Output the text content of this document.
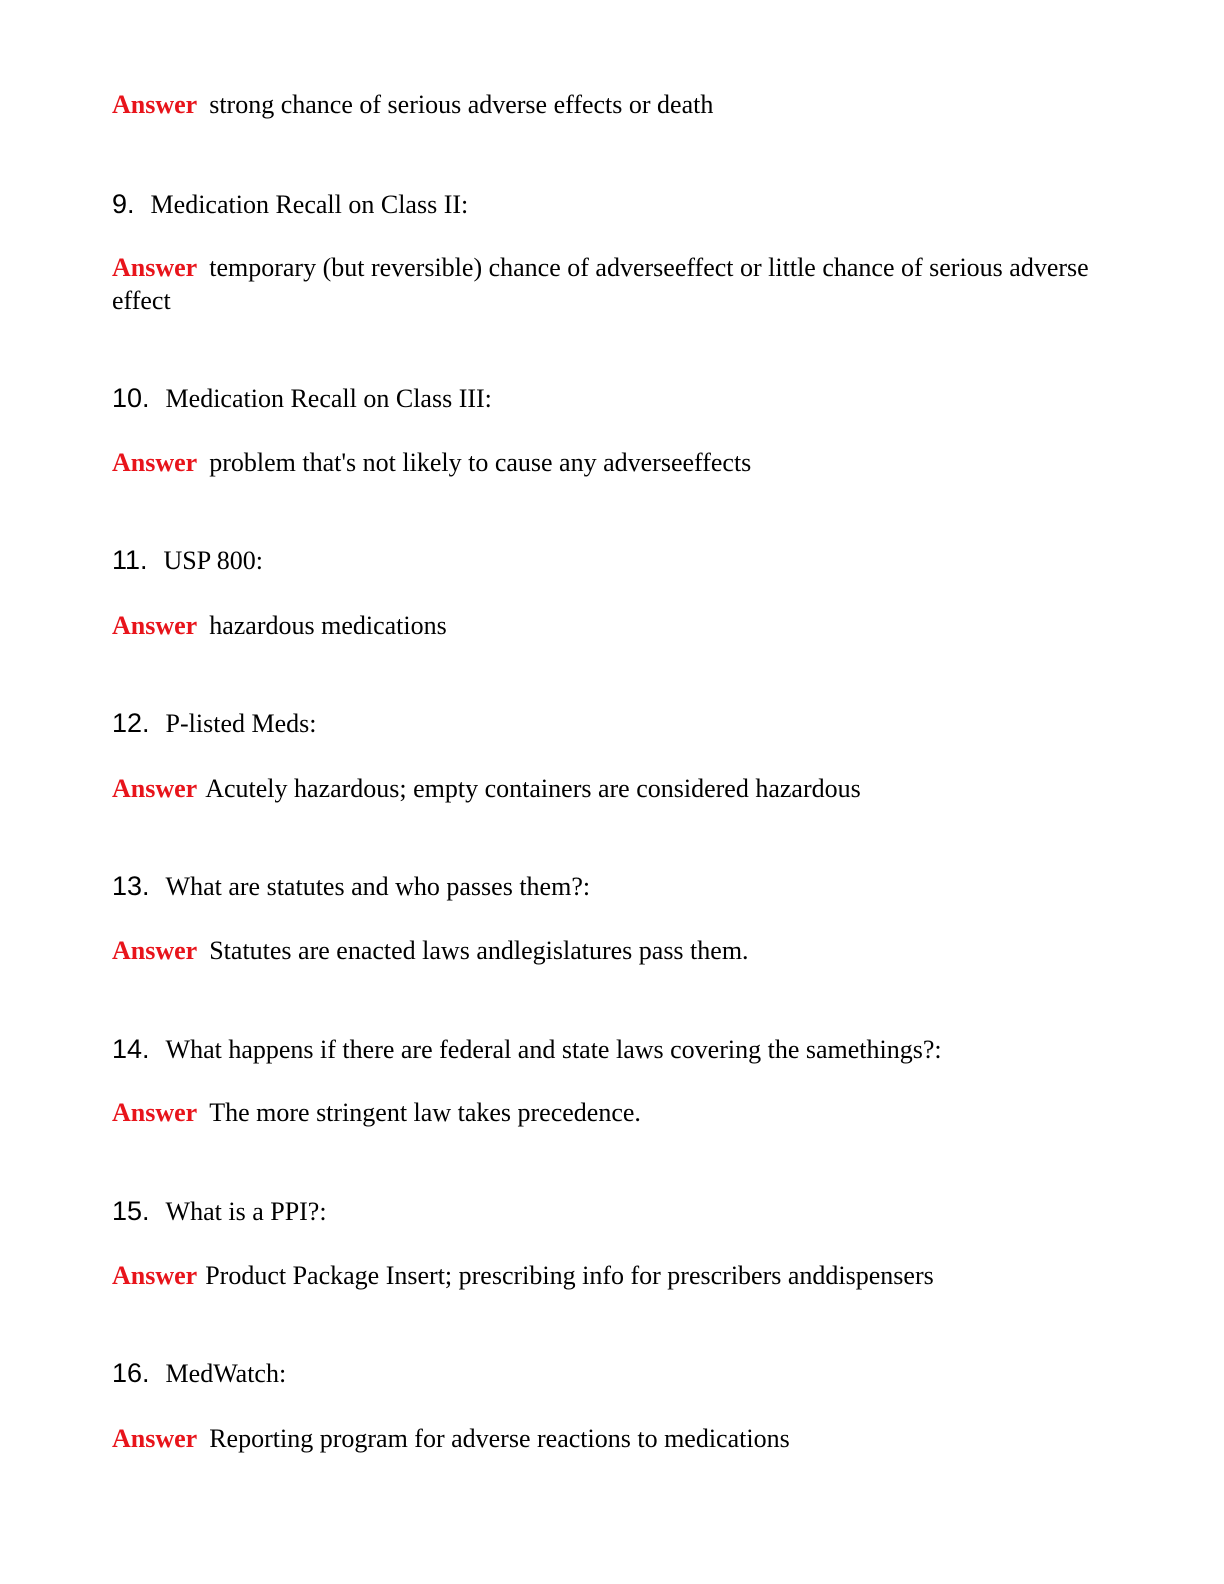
Answer strong chance of serious adverse effects or death
9. Medication Recall on Class II:
Answer temporary (but reversible) chance of adverseeffect or little chance of serious adverse effect
10. Medication Recall on Class III:
Answer problem that's not likely to cause any adverseeffects
11. USP 800:
Answer hazardous medications
12. P-listed Meds:
Answer Acutely hazardous; empty containers are considered hazardous
13. What are statutes and who passes them?:
Answer Statutes are enacted laws andlegislatures pass them.
14. What happens if there are federal and state laws covering the samethings?:
Answer The more stringent law takes precedence.
15. What is a PPI?:
Answer Product Package Insert; prescribing info for prescribers anddispensers
16. MedWatch:
Answer Reporting program for adverse reactions to medications
